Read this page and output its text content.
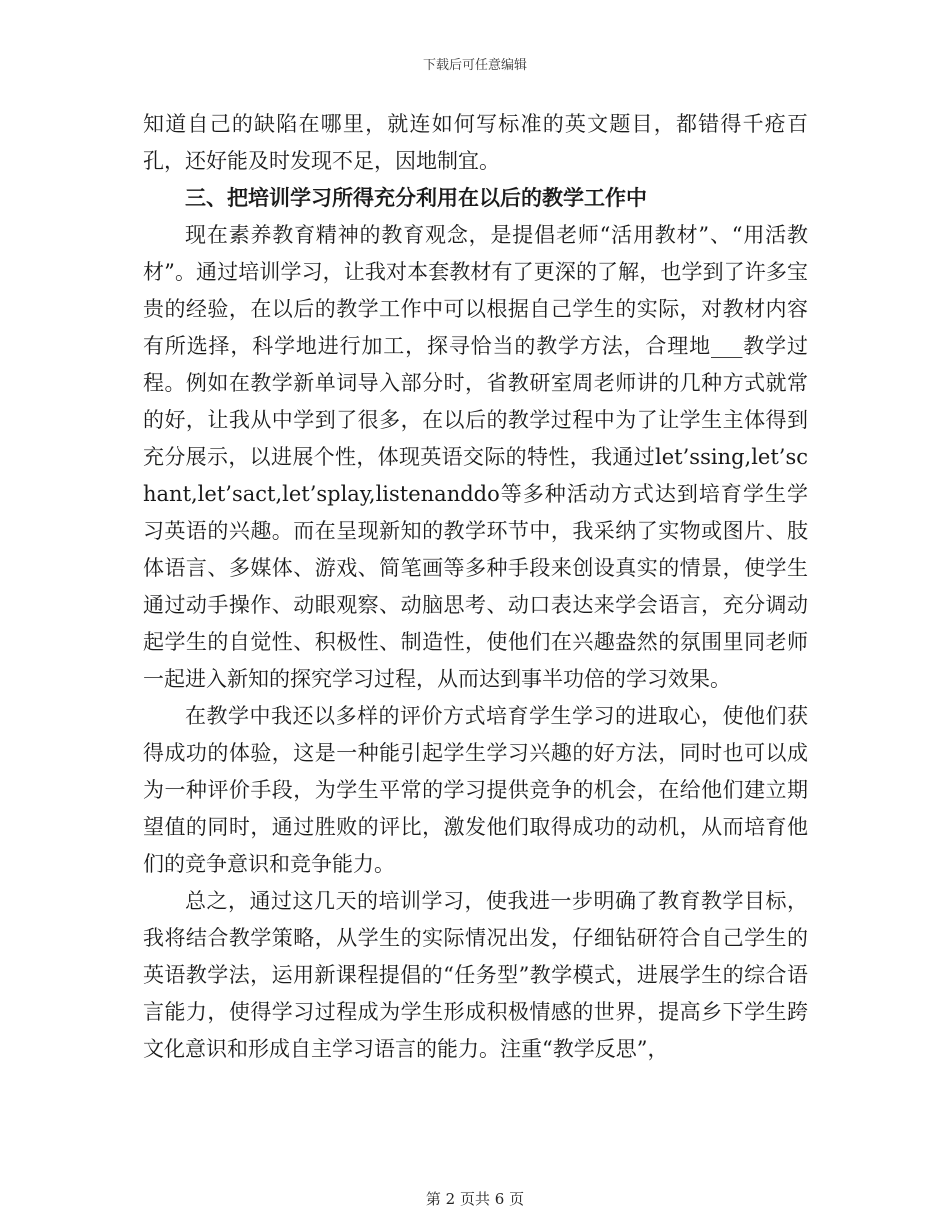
下载后可任意编辑

知道自己的缺陷在哪里，就连如何写标准的英文题目，都错得千疮百孔，还好能及时发现不足，因地制宜。

三、把培训学习所得充分利用在以后的教学工作中

现在素养教育精神的教育观念，是提倡老师“活用教材”、“用活教材”。通过培训学习，让我对本套教材有了更深的了解，也学到了许多宝贵的经验，在以后的教学工作中可以根据自己学生的实际，对教材内容有所选择，科学地进行加工，探寻恰当的教学方法，合理地___教学过程。例如在教学新单词导入部分时，省教研室周老师讲的几种方式就常的好，让我从中学到了很多，在以后的教学过程中为了让学生主体得到充分展示，以进展个性，体现英语交际的特性，我通过let’ssing,let’schant,let’sact,let’splay,listenanddo等多种活动方式达到培育学生学习英语的兴趣。而在呈现新知的教学环节中，我采纳了实物或图片、肢体语言、多媒体、游戏、简笔画等多种手段来创设真实的情景，使学生通过动手操作、动眼观察、动脑思考、动口表达来学会语言，充分调动起学生的自觉性、积极性、制造性，使他们在兴趣盎然的氛围里同老师一起进入新知的探究学习过程，从而达到事半功倍的学习效果。

在教学中我还以多样的评价方式培育学生学习的进取心，使他们获得成功的体验，这是一种能引起学生学习兴趣的好方法，同时也可以成为一种评价手段，为学生平常的学习提供竞争的机会，在给他们建立期望值的同时，通过胜败的评比，激发他们取得成功的动机，从而培育他们的竞争意识和竞争能力。

总之，通过这几天的培训学习，使我进一步明确了教育教学目标，我将结合教学策略，从学生的实际情况出发，仔细钻研符合自己学生的英语教学法，运用新课程提倡的“任务型”教学模式，进展学生的综合语言能力，使得学习过程成为学生形成积极情感的世界，提高乡下学生跨文化意识和形成自主学习语言的能力。注重“教学反思”，

第 2 页共 6 页
